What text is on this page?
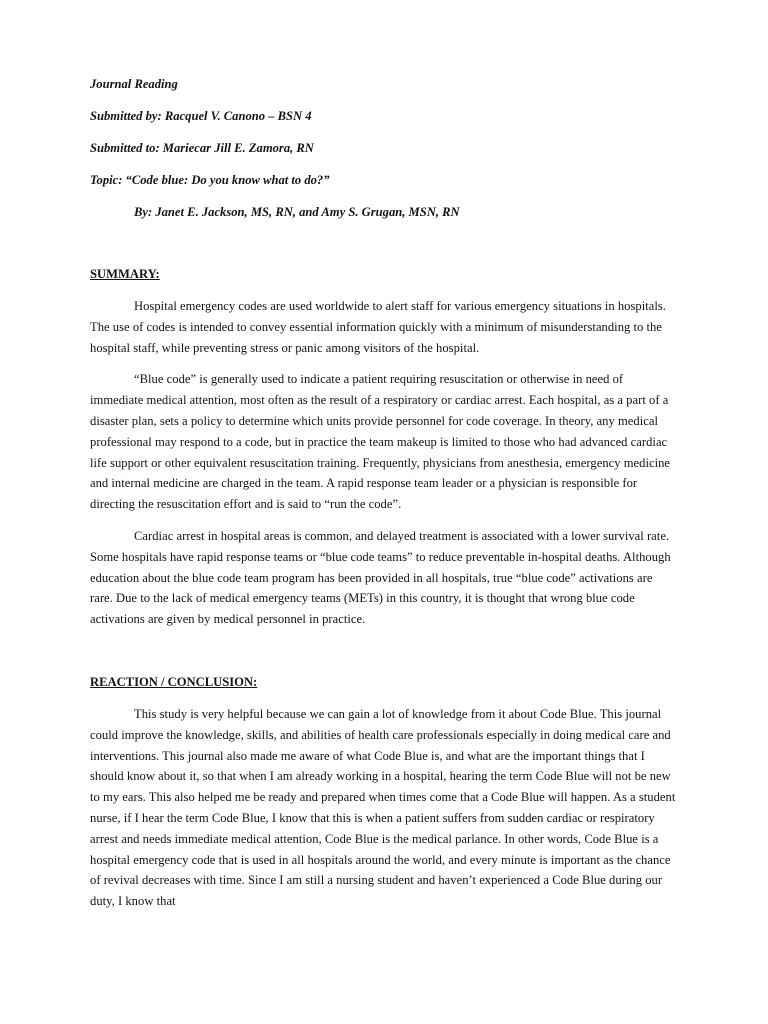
Journal Reading
Submitted by: Racquel V. Canono – BSN 4
Submitted to: Mariecar Jill E. Zamora, RN
Topic: “Code blue: Do you know what to do?”
By: Janet E. Jackson, MS, RN, and Amy S. Grugan, MSN, RN
SUMMARY:

Hospital emergency codes are used worldwide to alert staff for various emergency situations in hospitals. The use of codes is intended to convey essential information quickly with a minimum of misunderstanding to the hospital staff, while preventing stress or panic among visitors of the hospital.

“Blue code” is generally used to indicate a patient requiring resuscitation or otherwise in need of immediate medical attention, most often as the result of a respiratory or cardiac arrest. Each hospital, as a part of a disaster plan, sets a policy to determine which units provide personnel for code coverage. In theory, any medical professional may respond to a code, but in practice the team makeup is limited to those who had advanced cardiac life support or other equivalent resuscitation training. Frequently, physicians from anesthesia, emergency medicine and internal medicine are charged in the team. A rapid response team leader or a physician is responsible for directing the resuscitation effort and is said to “run the code”.

Cardiac arrest in hospital areas is common, and delayed treatment is associated with a lower survival rate. Some hospitals have rapid response teams or “blue code teams” to reduce preventable in-hospital deaths. Although education about the blue code team program has been provided in all hospitals, true “blue code” activations are rare. Due to the lack of medical emergency teams (METs) in this country, it is thought that wrong blue code activations are given by medical personnel in practice.

REACTION / CONCLUSION:

This study is very helpful because we can gain a lot of knowledge from it about Code Blue. This journal could improve the knowledge, skills, and abilities of health care professionals especially in doing medical care and interventions. This journal also made me aware of what Code Blue is, and what are the important things that I should know about it, so that when I am already working in a hospital, hearing the term Code Blue will not be new to my ears. This also helped me be ready and prepared when times come that a Code Blue will happen. As a student nurse, if I hear the term Code Blue, I know that this is when a patient suffers from sudden cardiac or respiratory arrest and needs immediate medical attention, Code Blue is the medical parlance. In other words, Code Blue is a hospital emergency code that is used in all hospitals around the world, and every minute is important as the chance of revival decreases with time. Since I am still a nursing student and haven’t experienced a Code Blue during our duty, I know that
